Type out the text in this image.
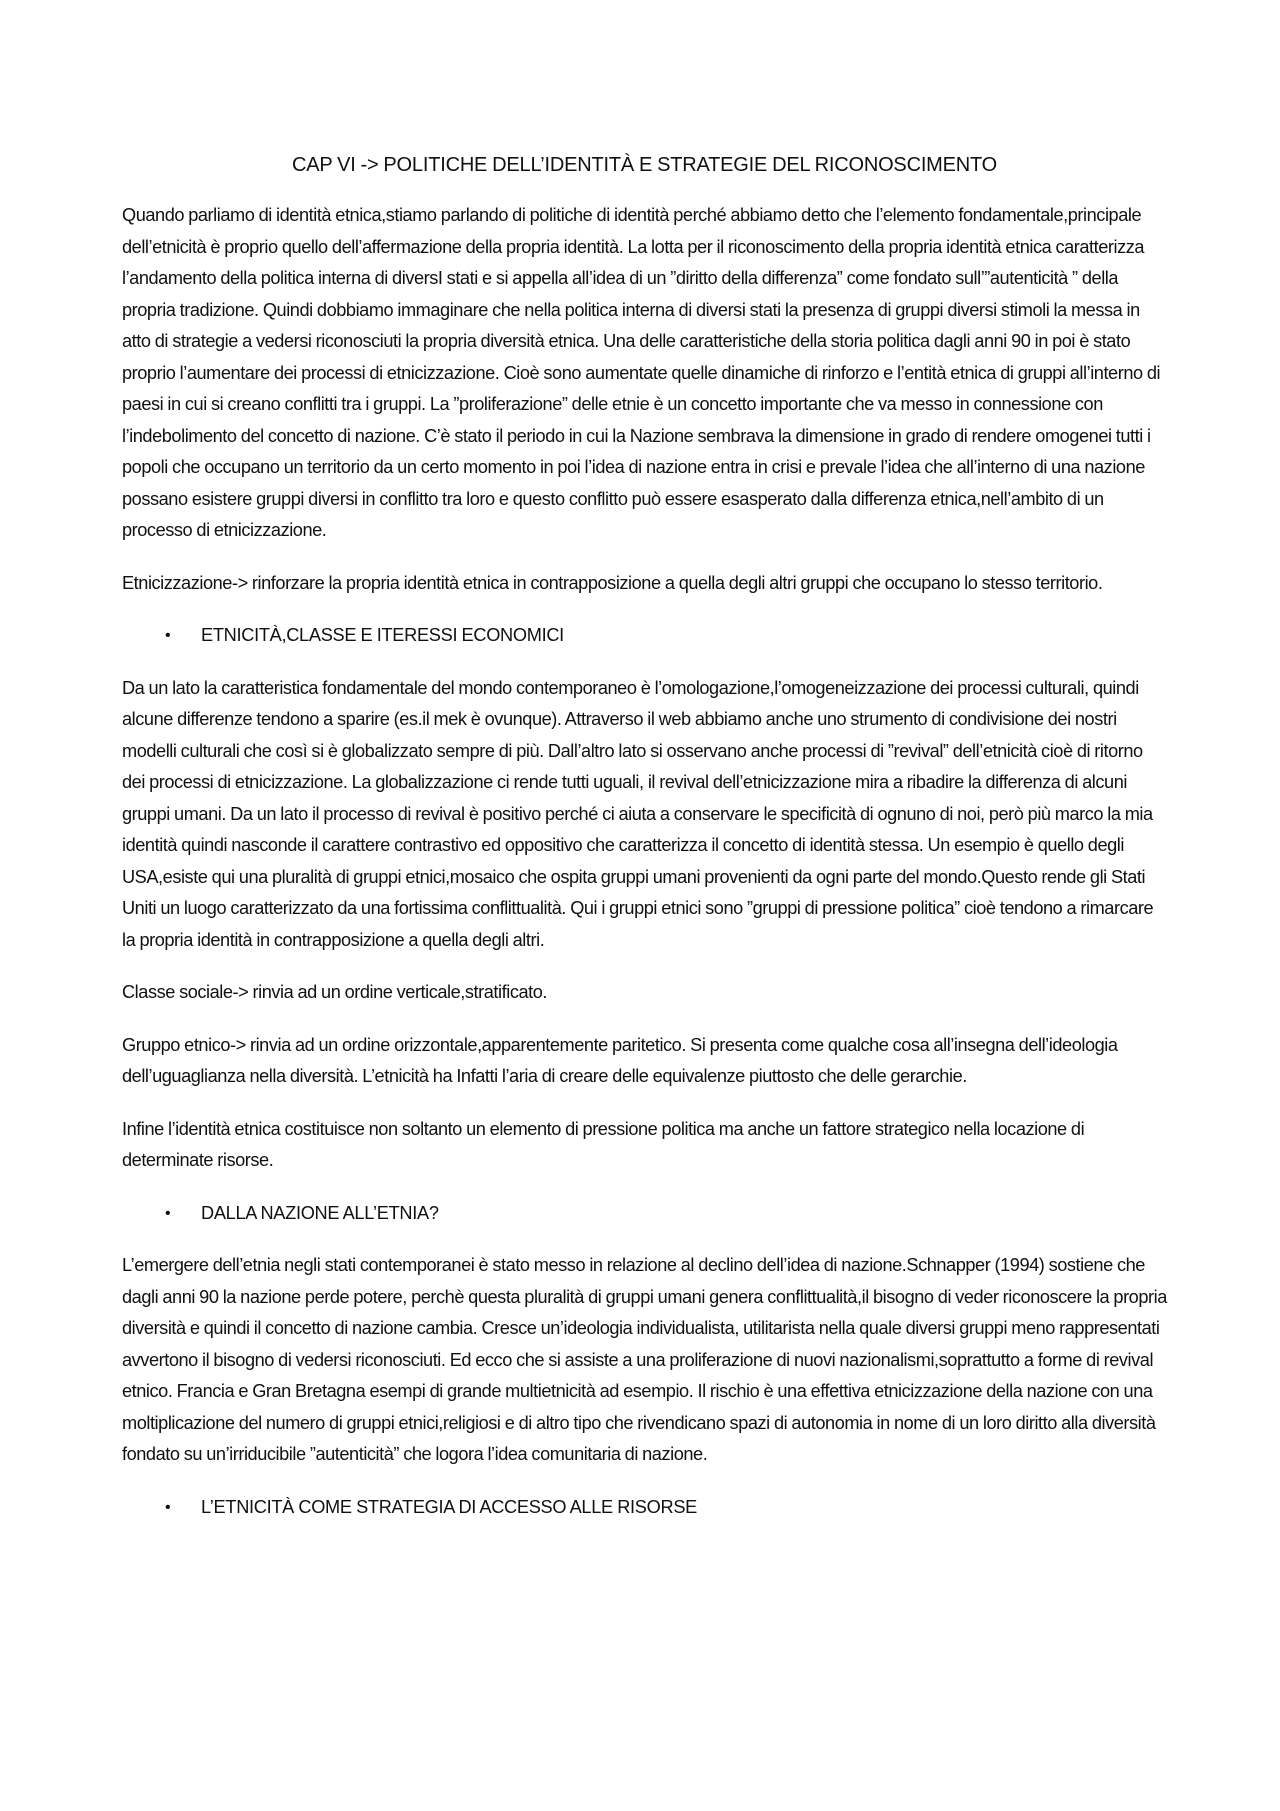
CAP VI -> POLITICHE DELL’IDENTITÀ E STRATEGIE DEL RICONOSCIMENTO

Quando parliamo di identità etnica,stiamo parlando di politiche di identità perché abbiamo detto che l’elemento fondamentale,principale dell’etnicità è proprio quello dell’affermazione della propria identità. La lotta per il riconoscimento della propria identità etnica caratterizza l’andamento della politica interna di diversI stati e si appella all’idea di un ”diritto della differenza” come fondato sull’”autenticità ” della propria tradizione. Quindi dobbiamo immaginare che nella politica interna di diversi stati la presenza di gruppi diversi stimoli la messa in atto di strategie a vedersi riconosciuti la propria diversità etnica. Una delle caratteristiche della storia politica dagli anni 90 in poi è stato proprio l’aumentare dei processi di etnicizzazione. Cioè sono aumentate quelle dinamiche di rinforzo e l’entità etnica di gruppi all’interno di paesi in cui si creano conflitti tra i gruppi. La ”proliferazione” delle etnie è un concetto importante che va messo in connessione con l’indebolimento del concetto di nazione. C’è stato il periodo in cui la Nazione sembrava la dimensione in grado di rendere omogenei tutti i popoli che occupano un territorio da un certo momento in poi l’idea di nazione entra in crisi e prevale l’idea che all’interno di una nazione possano esistere gruppi diversi in conflitto tra loro e questo conflitto può essere esasperato dalla differenza etnica,nell’ambito di un processo di etnicizzazione.

Etnicizzazione-> rinforzare la propria identità etnica in contrapposizione a quella degli altri gruppi che occupano lo stesso territorio.

• ETNICITÀ,CLASSE E ITERESSI ECONOMICI

Da un lato la caratteristica fondamentale del mondo contemporaneo è l’omologazione,l’omogeneizzazione dei processi culturali, quindi alcune differenze tendono a sparire (es.il mek è ovunque). Attraverso il web abbiamo anche uno strumento di condivisione dei nostri modelli culturali che così si è globalizzato sempre di più. Dall’altro lato si osservano anche processi di ”revival” dell’etnicità cioè di ritorno dei processi di etnicizzazione. La globalizzazione ci rende tutti uguali, il revival dell’etnicizzazione mira a ribadire la differenza di alcuni gruppi umani. Da un lato il processo di revival è positivo perché ci aiuta a conservare le specificità di ognuno di noi, però più marco la mia identità quindi nasconde il carattere contrastivo ed oppositivo che caratterizza il concetto di identità stessa. Un esempio è quello degli USA,esiste qui una pluralità di gruppi etnici,mosaico che ospita gruppi umani provenienti da ogni parte del mondo.Questo rende gli Stati Uniti un luogo caratterizzato da una fortissima conflittualità. Qui i gruppi etnici sono ”gruppi di pressione politica” cioè tendono a rimarcare la propria identità in contrapposizione a quella degli altri.

Classe sociale-> rinvia ad un ordine verticale,stratificato.

Gruppo etnico-> rinvia ad un ordine orizzontale,apparentemente paritetico. Si presenta come qualche cosa all’insegna dell’ideologia dell’uguaglianza nella diversità. L’etnicità ha Infatti l’aria di creare delle equivalenze piuttosto che delle gerarchie.

Infine l’identità etnica costituisce non soltanto un elemento di pressione politica ma anche un fattore strategico nella locazione di determinate risorse.

• DALLA NAZIONE ALL’ETNIA?

L’emergere dell’etnia negli stati contemporanei è stato messo in relazione al declino dell’idea di nazione.Schnapper (1994) sostiene che dagli anni 90 la nazione perde potere, perchè questa pluralità di gruppi umani genera conflittualità,il bisogno di veder riconoscere la propria diversità e quindi il concetto di nazione cambia. Cresce un’ideologia individualista, utilitarista nella quale diversi gruppi meno rappresentati avvertono il bisogno di vedersi riconosciuti. Ed ecco che si assiste a una proliferazione di nuovi nazionalismi,soprattutto a forme di revival etnico. Francia e Gran Bretagna esempi di grande multietnicità ad esempio. Il rischio è una effettiva etnicizzazione della nazione con una moltiplicazione del numero di gruppi etnici,religiosi e di altro tipo che rivendicano spazi di autonomia in nome di un loro diritto alla diversità fondato su un’irriducibile ”autenticità” che logora l’idea comunitaria di nazione.

• L’ETNICITÀ COME STRATEGIA DI ACCESSO ALLE RISORSE
